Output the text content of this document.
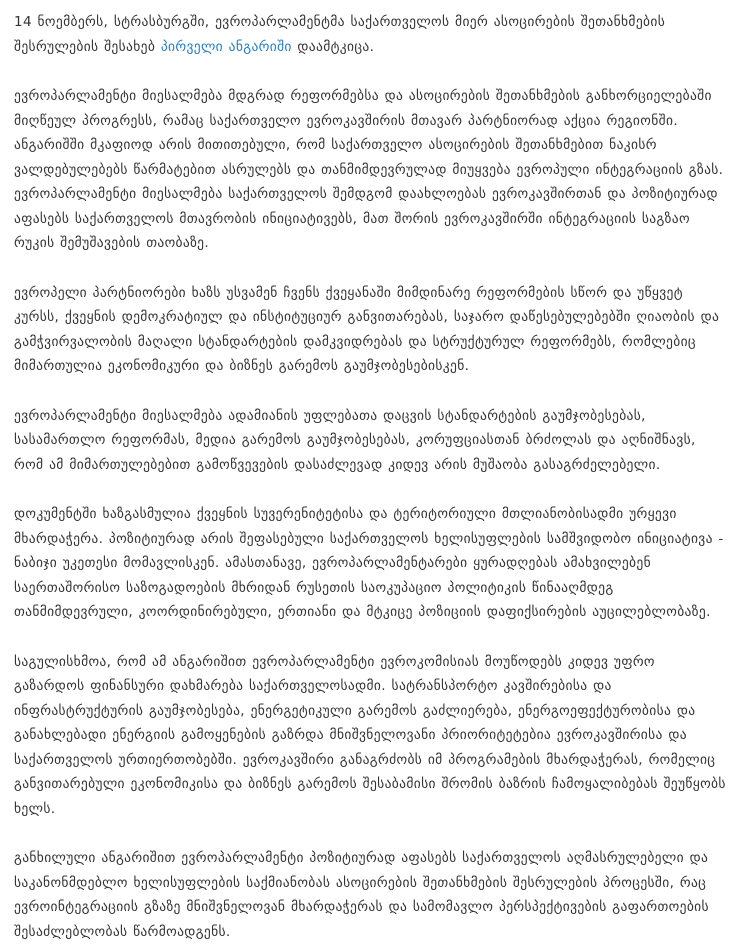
14 ნოემბერს, სტრასბურგში, ევროპარლამენტმა საქართველოს მიერ ასოცირების შეთანხმების შესრულების შესახებ პირველი ანგარიში დაამტკიცა.

ევროპარლამენტი მიესალმება მდგრად რეფორმებსა და ასოცირების შეთანხმების განხორციელებაში მიღწეულ პროგრესს, რამაც საქართველო ევროკავშირის მთავარ პარტნიორად აქცია რეგიონში. ანგარიშში მკაფიოდ არის მითითებული, რომ საქართველო ასოცირების შეთანხმებით ნაკისრ ვალდებულებებს წარმატებით ასრულებს და თანმიმდევრულად მიუყვება ევროპული ინტეგრაციის გზას.
ევროპარლამენტი მიესალმება საქართველოს შემდგომ დაახლოებას ევროკავშირთან და პოზიტიურად აფასებს საქართველოს მთავრობის ინიციატივებს, მათ შორის ევროკავშირში ინტეგრაციის საგზაო რუკის შემუშავების თაობაზე.

ევროპელი პარტნიორები ხაზს უსვამენ ჩვენს ქვეყანაში მიმდინარე რეფორმების სწორ და უწყვეტ კურსს, ქვეყნის დემოკრატიულ და ინსტიტუციურ განვითარებას, საჯარო დაწესებულებებში ღიაობის და გამჭვირვალობის მაღალი სტანდარტების დამკვიდრებას და სტრუქტურულ რეფორმებს, რომლებიც მიმართულია ეკონომიკური და ბიზნეს გარემოს გაუმჯობესებისკენ.

ევროპარლამენტი მიესალმება ადამიანის უფლებათა დაცვის სტანდარტების გაუმჯობესებას, სასამართლო რეფორმას, მედია გარემოს გაუმჯობესებას, კორუფციასთან ბრძოლას და აღნიშნავს, რომ ამ მიმართულებებით გამოწვევების დასაძლევად კიდევ არის მუშაობა გასაგრძელებელი.

დოკუმენტში ხაზგასმულია ქვეყნის სუვერენიტეტისა და ტერიტორიული მთლიანობისადმი ურყევი მხარდაჭერა. პოზიტიურად არის შეფასებული საქართველოს ხელისუფლების სამშვიდობო ინიციატივა - ნაბიჯი უკეთესი მომავლისკენ. ამასთანავე, ევროპარლამენტარები ყურადღებას ამახვილებენ საერთაშორისო საზოგადოების მხრიდან რუსეთის საოკუპაციო პოლიტიკის წინააღმდეგ თანმიმდევრული, კოორდინირებული, ერთიანი და მტკიცე პოზიციის დაფიქსირების აუცილებლობაზე.

საგულისხმოა, რომ ამ ანგარიშით ევროპარლამენტი ევროკომისიას მოუწოდებს კიდევ უფრო გაზარდოს ფინანსური დახმარება საქართველოსადმი. სატრანსპორტო კავშირებისა და ინფრასტრუქტურის გაუმჯობესება, ენერგეტიკული გარემოს გაძლიერება, ენერგოეფექტურობისა და განახლებადი ენერგიის გამოყენების გაზრდა მნიშვნელოვანი პრიორიტეტებია ევროკავშირისა და საქართველოს ურთიერთობებში. ევროკავშირი განაგრძობს იმ პროგრამების მხარდაჭერას, რომელიც განვითარებული ეკონომიკისა და ბიზნეს გარემოს შესაბამისი შრომის ბაზრის ჩამოყალიბებას შეუწყობს ხელს.

განხილული ანგარიშით ევროპარლამენტი პოზიტიურად აფასებს საქართველოს აღმასრულებელი და საკანონმდებლო ხელისუფლების საქმიანობას ასოცირების შეთანხმების შესრულების პროცესში, რაც ევროინტეგრაციის გზაზე მნიშვნელოვან მხარდაჭერას და სამომავლო პერსპექტივების გაფართოების შესაძლებლობას წარმოადგენს.
